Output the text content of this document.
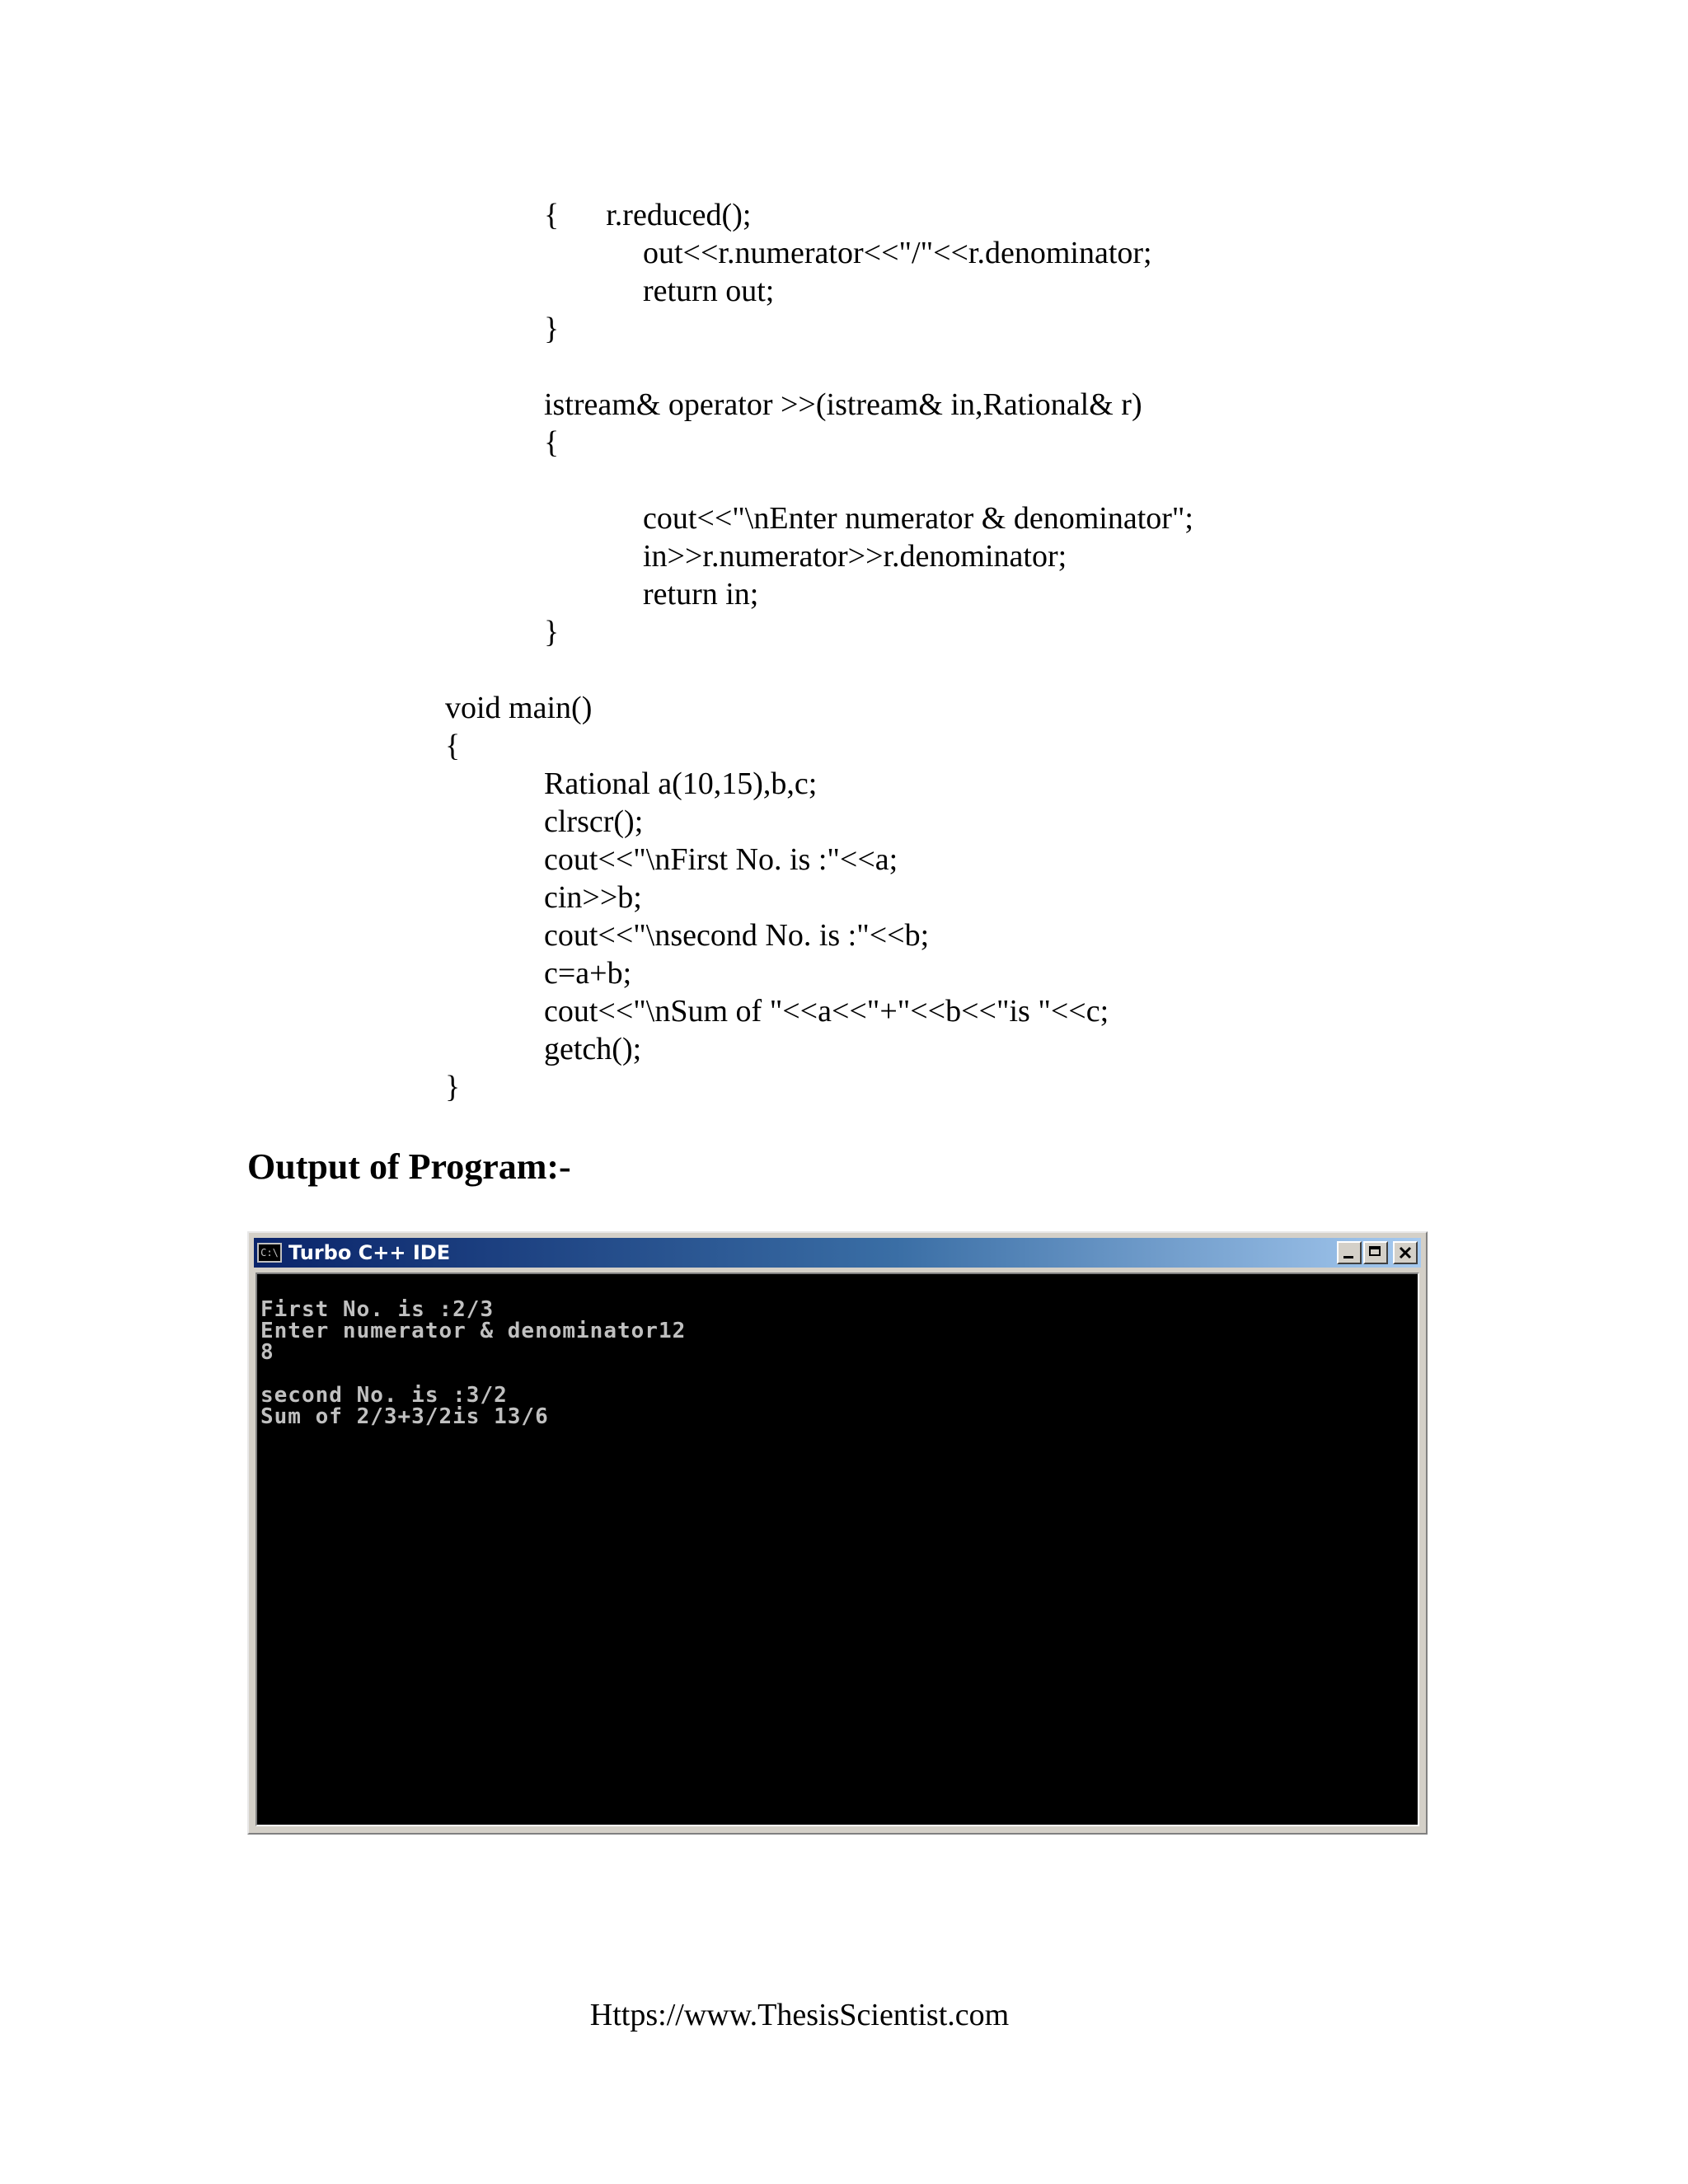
{      r.reduced();
out<<r.numerator<<"/"<<r.denominator;
return out;
}
istream& operator >>(istream& in,Rational& r)
{
cout<<"\nEnter numerator & denominator";
in>>r.numerator>>r.denominator;
return in;
}
void main()
{
Rational a(10,15),b,c;
clrscr();
cout<<"\nFirst No. is :"<<a;
cin>>b;
cout<<"\nsecond No. is :"<<b;
c=a+b;
cout<<"\nSum of "<<a<<"+"<<b<<"is "<<c;
getch();
}
Output of Program:-
C:\ Turbo C++ IDE
First No. is :2/3
Enter numerator & denominator12
8
second No. is :3/2
Sum of 2/3+3/2is 13/6
Https://www.ThesisScientist.com
